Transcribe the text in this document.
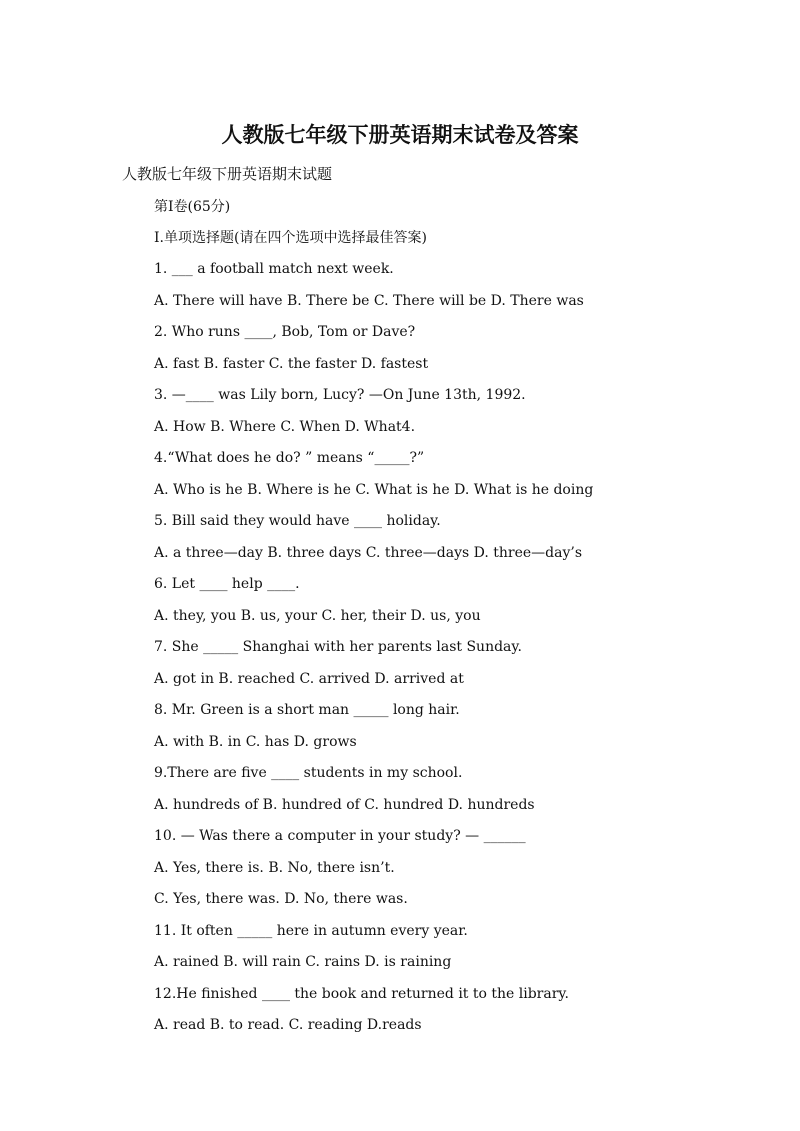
人教版七年级下册英语期末试卷及答案

人教版七年级下册英语期末试题

第Ⅰ卷(65分)

Ⅰ.单项选择题(请在四个选项中选择最佳答案)

1. ___ a football match next week.

A. There will have B. There be C. There will be D. There was

2. Who runs ____, Bob, Tom or Dave?

A. fast B. faster C. the faster D. fastest

3. —____ was Lily born, Lucy? —On June 13th, 1992.

A. How B. Where C. When D. What4.

4.“What does he do? ” means “_____?”

A. Who is he B. Where is he C. What is he D. What is he doing

5. Bill said they would have ____ holiday.

A. a three—day B. three days C. three—days D. three—day’s

6. Let ____ help ____.

A. they, you B. us, your C. her, their D. us, you

7. She _____ Shanghai with her parents last Sunday.

A. got in B. reached C. arrived D. arrived at

8. Mr. Green is a short man _____ long hair.

A. with B. in C. has D. grows

9.There are five ____ students in my school.

A. hundreds of B. hundred of C. hundred D. hundreds

10. — Was there a computer in your study? — ______

A. Yes, there is. B. No, there isn’t.

C. Yes, there was. D. No, there was.

11. It often _____ here in autumn every year.

A. rained B. will rain C. rains D. is raining

12.He finished ____ the book and returned it to the library.

A. read B. to read. C. reading D.reads
